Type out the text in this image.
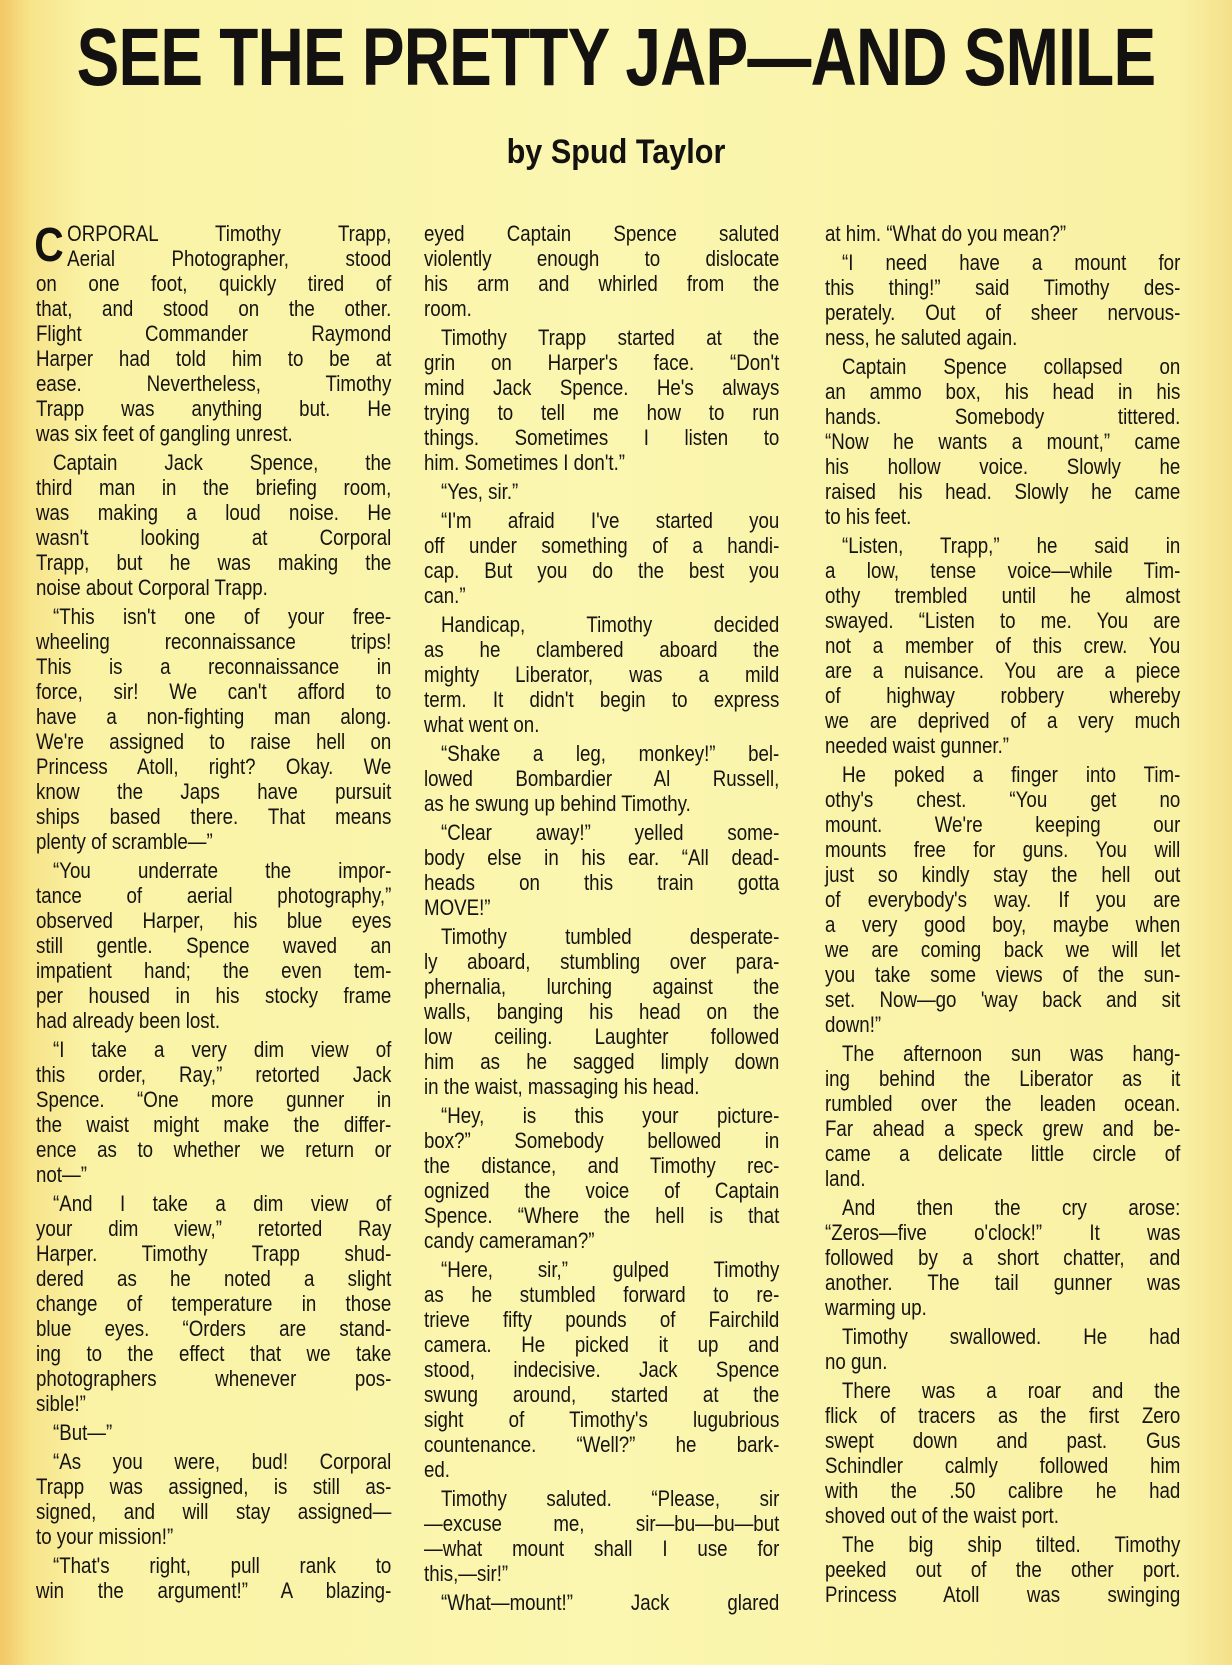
SEE THE PRETTY JAP—AND SMILE
by Spud Taylor
C ORPORAL Timothy Trapp,
Aerial Photographer, stood
on one foot, quickly tired of
that, and stood on the other.
Flight Commander Raymond
Harper had told him to be at
ease. Nevertheless, Timothy
Trapp was anything but. He
was six feet of gangling unrest.
Captain Jack Spence, the
third man in the briefing room,
was making a loud noise. He
wasn't looking at Corporal
Trapp, but he was making the
noise about Corporal Trapp.
“This isn't one of your free-
wheeling reconnaissance trips!
This is a reconnaissance in
force, sir! We can't afford to
have a non-fighting man along.
We're assigned to raise hell on
Princess Atoll, right? Okay. We
know the Japs have pursuit
ships based there. That means
plenty of scramble—”
“You underrate the impor-
tance of aerial photography,”
observed Harper, his blue eyes
still gentle. Spence waved an
impatient hand; the even tem-
per housed in his stocky frame
had already been lost.
“I take a very dim view of
this order, Ray,” retorted Jack
Spence. “One more gunner in
the waist might make the differ-
ence as to whether we return or
not—”
“And I take a dim view of
your dim view,” retorted Ray
Harper. Timothy Trapp shud-
dered as he noted a slight
change of temperature in those
blue eyes. “Orders are stand-
ing to the effect that we take
photographers whenever pos-
sible!”
“But—”
“As you were, bud! Corporal
Trapp was assigned, is still as-
signed, and will stay assigned—
to your mission!”
“That's right, pull rank to
win the argument!” A blazing-
eyed Captain Spence saluted
violently enough to dislocate
his arm and whirled from the
room.
Timothy Trapp started at the
grin on Harper's face. “Don't
mind Jack Spence. He's always
trying to tell me how to run
things. Sometimes I listen to
him. Sometimes I don't.”
“Yes, sir.”
“I'm afraid I've started you
off under something of a handi-
cap. But you do the best you
can.”
Handicap, Timothy decided
as he clambered aboard the
mighty Liberator, was a mild
term. It didn't begin to express
what went on.
“Shake a leg, monkey!” bel-
lowed Bombardier Al Russell,
as he swung up behind Timothy.
“Clear away!” yelled some-
body else in his ear. “All dead-
heads on this train gotta
MOVE!”
Timothy tumbled desperate-
ly aboard, stumbling over para-
phernalia, lurching against the
walls, banging his head on the
low ceiling. Laughter followed
him as he sagged limply down
in the waist, massaging his head.
“Hey, is this your picture-
box?” Somebody bellowed in
the distance, and Timothy rec-
ognized the voice of Captain
Spence. “Where the hell is that
candy cameraman?”
“Here, sir,” gulped Timothy
as he stumbled forward to re-
trieve fifty pounds of Fairchild
camera. He picked it up and
stood, indecisive. Jack Spence
swung around, started at the
sight of Timothy's lugubrious
countenance. “Well?” he bark-
ed.
Timothy saluted. “Please, sir
—excuse me, sir—bu—bu—but
—what mount shall I use for
this,—sir!”
“What—mount!” Jack glared
at him. “What do you mean?”
“I need have a mount for
this thing!” said Timothy des-
perately. Out of sheer nervous-
ness, he saluted again.
Captain Spence collapsed on
an ammo box, his head in his
hands. Somebody tittered.
“Now he wants a mount,” came
his hollow voice. Slowly he
raised his head. Slowly he came
to his feet.
“Listen, Trapp,” he said in
a low, tense voice—while Tim-
othy trembled until he almost
swayed. “Listen to me. You are
not a member of this crew. You
are a nuisance. You are a piece
of highway robbery whereby
we are deprived of a very much
needed waist gunner.”
He poked a finger into Tim-
othy's chest. “You get no
mount. We're keeping our
mounts free for guns. You will
just so kindly stay the hell out
of everybody's way. If you are
a very good boy, maybe when
we are coming back we will let
you take some views of the sun-
set. Now—go 'way back and sit
down!”
The afternoon sun was hang-
ing behind the Liberator as it
rumbled over the leaden ocean.
Far ahead a speck grew and be-
came a delicate little circle of
land.
And then the cry arose:
“Zeros—five o'clock!” It was
followed by a short chatter, and
another. The tail gunner was
warming up.
Timothy swallowed. He had
no gun.
There was a roar and the
flick of tracers as the first Zero
swept down and past. Gus
Schindler calmly followed him
with the .50 calibre he had
shoved out of the waist port.
The big ship tilted. Timothy
peeked out of the other port.
Princess Atoll was swinging
